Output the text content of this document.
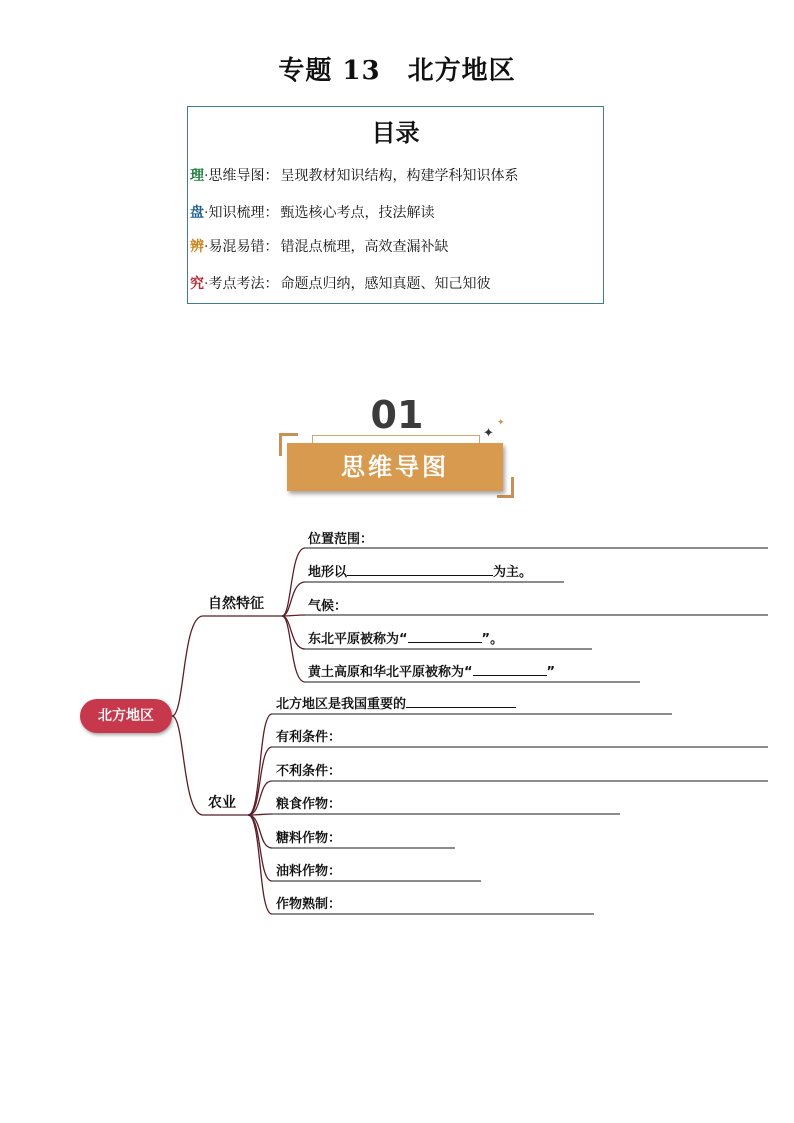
专题 13　北方地区
目录
理·思维导图： 呈现教材知识结构，构建学科知识体系
盘·知识梳理： 甄选核心考点，技法解读
辨·易混易错： 错混点梳理，高效查漏补缺
究·考点考法： 命题点归纳，感知真题、知己知彼
01	✦
✦
思维导图
北方地区
自然特征
农业
位置范围：
地形以	为主。
气候：
东北平原被称为“	”。
黄土高原和华北平原被称为“	”
北方地区是我国重要的
有利条件：
不利条件：
粮食作物：
糖料作物：
油料作物：
作物熟制：
